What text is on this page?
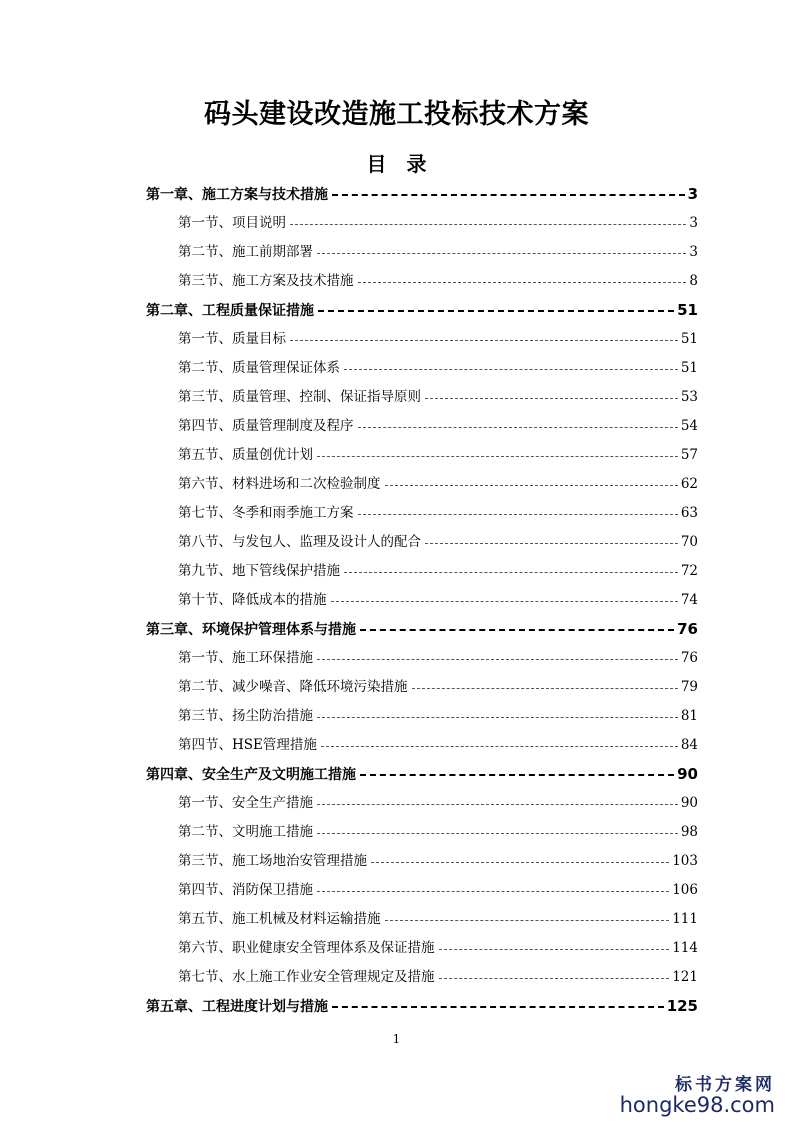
码头建设改造施工投标技术方案
目　录
第一章、施工方案与技术措施	3
第一节、项目说明	3
第二节、施工前期部署	3
第三节、施工方案及技术措施	8
第二章、工程质量保证措施	51
第一节、质量目标	51
第二节、质量管理保证体系	51
第三节、质量管理、控制、保证指导原则	53
第四节、质量管理制度及程序	54
第五节、质量创优计划	57
第六节、材料进场和二次检验制度	62
第七节、冬季和雨季施工方案	63
第八节、与发包人、监理及设计人的配合	70
第九节、地下管线保护措施	72
第十节、降低成本的措施	74
第三章、环境保护管理体系与措施	76
第一节、施工环保措施	76
第二节、减少噪音、降低环境污染措施	79
第三节、扬尘防治措施	81
第四节、HSE管理措施	84
第四章、安全生产及文明施工措施	90
第一节、安全生产措施	90
第二节、文明施工措施	98
第三节、施工场地治安管理措施	103
第四节、消防保卫措施	106
第五节、施工机械及材料运输措施	111
第六节、职业健康安全管理体系及保证措施	114
第七节、水上施工作业安全管理规定及措施	121
第五章、工程进度计划与措施	125
1
标书方案网
hongke98.com
